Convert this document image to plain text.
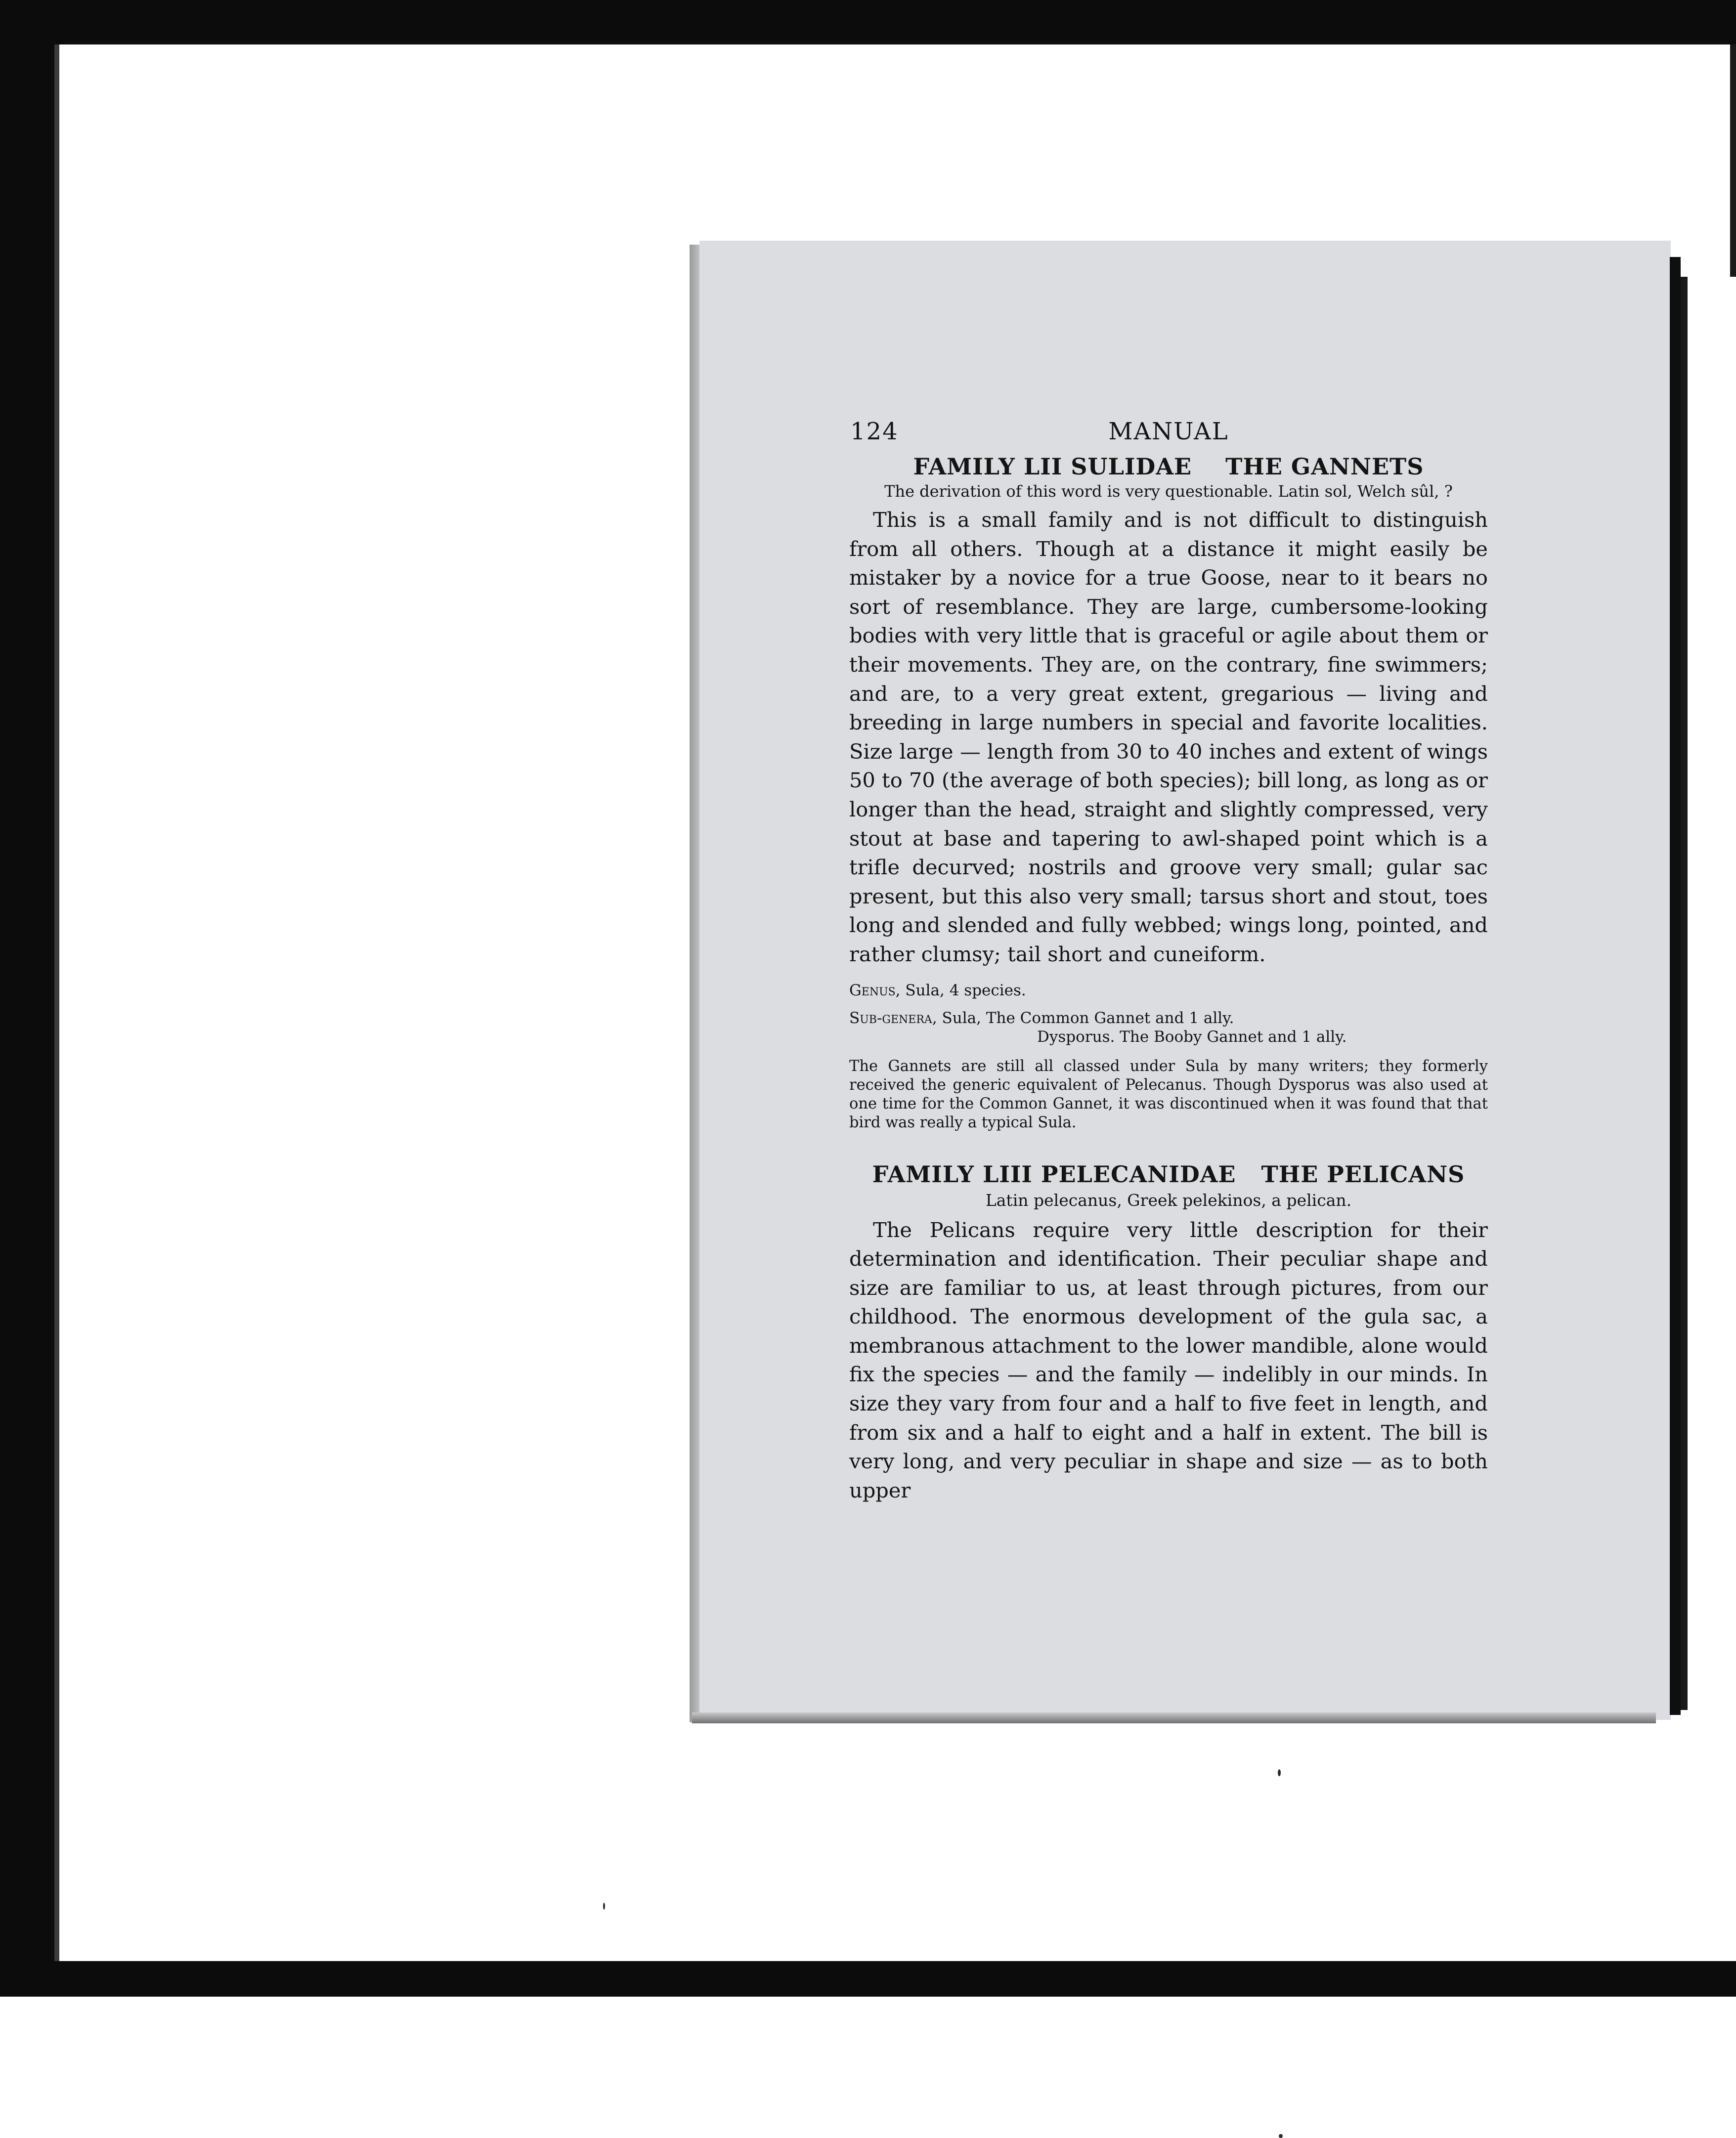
124	MANUAL

FAMILY LII SULIDAE    THE GANNETS

The derivation of this word is very questionable. Latin sol, Welch sûl, ?

This is a small family and is not difficult to distinguish from all others. Though at a distance it might easily be mistaker by a novice for a true Goose, near to it bears no sort of resemblance. They are large, cumbersome-looking bodies with very little that is graceful or agile about them or their movements. They are, on the contrary, fine swimmers; and are, to a very great extent, gregarious — living and breeding in large numbers in special and favorite localities. Size large — length from 30 to 40 inches and extent of wings 50 to 70 (the average of both species); bill long, as long as or longer than the head, straight and slightly compressed, very stout at base and tapering to awl-shaped point which is a trifle decurved; nostrils and groove very small; gular sac present, but this also very small; tarsus short and stout, toes long and slended and fully webbed; wings long, pointed, and rather clumsy; tail short and cuneiform.

Genus, Sula, 4 species.

Sub-genera, Sula, The Common Gannet and 1 ally.

Dysporus. The Booby Gannet and 1 ally.

The Gannets are still all classed under Sula by many writers; they formerly received the generic equivalent of Pelecanus. Though Dysporus was also used at one time for the Common Gannet, it was discontinued when it was found that that bird was really a typical Sula.

FAMILY LIII PELECANIDAE   THE PELICANS

Latin pelecanus, Greek pelekinos, a pelican.

The Pelicans require very little description for their determination and identification. Their peculiar shape and size are familiar to us, at least through pictures, from our childhood. The enormous development of the gula sac, a membranous attachment to the lower mandible, alone would fix the species — and the family — indelibly in our minds. In size they vary from four and a half to five feet in length, and from six and a half to eight and a half in extent. The bill is very long, and very peculiar in shape and size — as to both upper
